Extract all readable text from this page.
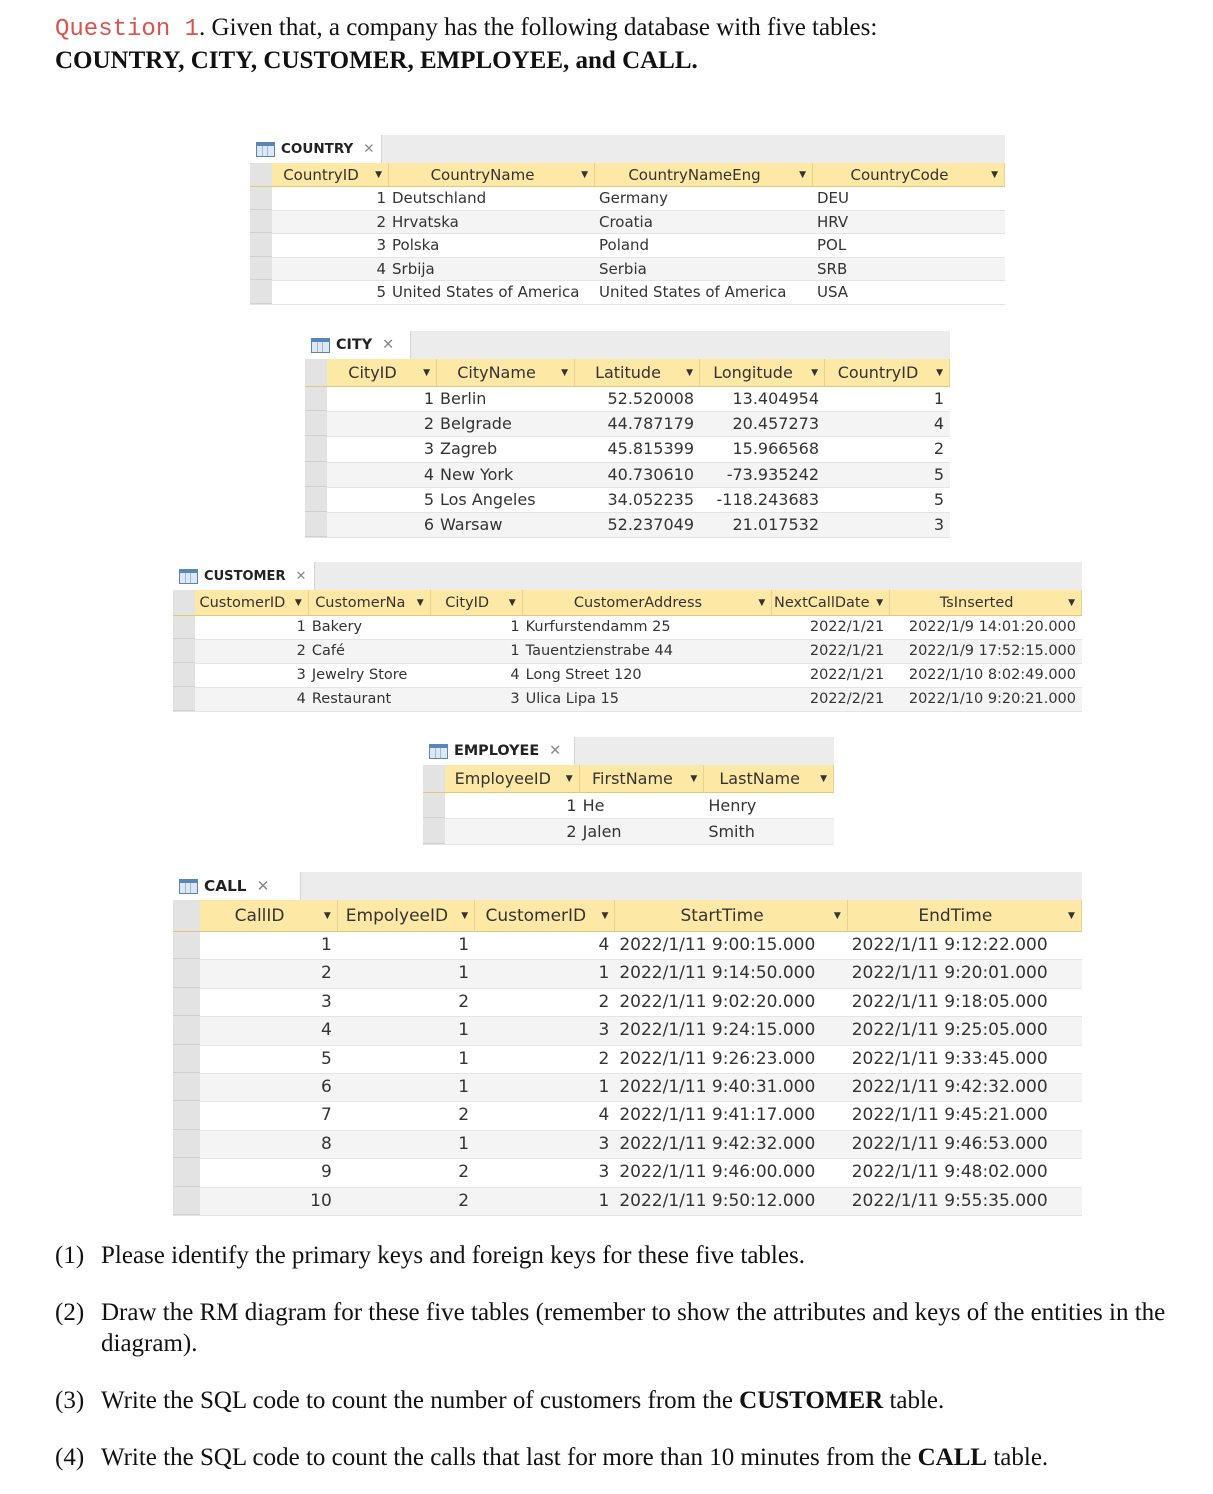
Question 1. Given that, a company has the following database with five tables:
COUNTRY, CITY, CUSTOMER, EMPLOYEE, and CALL.
COUNTRY ✕
CountryID ▼	CountryName	▼	CountryNameEng	▼	CountryCode	▼
1 Deutschland	Germany	DEU
2 Hrvatska	Croatia	HRV
3 Polska	Poland	POL
4 Srbija	Serbia	SRB
5 United States of America	United States of America	USA
CITY ✕
CityID	▼	CityName	▼	Latitude	▼	Longitude ▼	CountryID ▼
1 Berlin	52.520008	13.404954	1
2 Belgrade	44.787179	20.457273	4
3 Zagreb	45.815399	15.966568	2
4 New York	40.730610	-73.935242	5
5 Los Angeles	34.052235	-118.243683	5
6 Warsaw	52.237049	21.017532	3
CUSTOMER ✕
CustomerID ▼ CustomerNa ▼	CityID ▼	CustomerAddress	▼ NextCallDate ▼	TsInserted	▼
1 Bakery	1 Kurfurstendamm 25	2022/1/21	2022/1/9 14:01:20.000
2 Café	1 Tauentzienstrabe 44	2022/1/21	2022/1/9 17:52:15.000
3 Jewelry Store	4 Long Street 120	2022/1/21	2022/1/10 8:02:49.000
4 Restaurant	3 Ulica Lipa 15	2022/2/21	2022/1/10 9:20:21.000
EMPLOYEE ✕
EmployeeID ▼	FirstName ▼	LastName ▼
1 He	Henry
2 Jalen	Smith
CALL ✕
CallID	▼ EmpolyeeID ▼	CustomerID ▼	StartTime	▼	EndTime	▼
1	1	4 2022/1/11 9:00:15.000	2022/1/11 9:12:22.000
2	1	1 2022/1/11 9:14:50.000	2022/1/11 9:20:01.000
3	2	2 2022/1/11 9:02:20.000	2022/1/11 9:18:05.000
4	1	3 2022/1/11 9:24:15.000	2022/1/11 9:25:05.000
5	1	2 2022/1/11 9:26:23.000	2022/1/11 9:33:45.000
6	1	1 2022/1/11 9:40:31.000	2022/1/11 9:42:32.000
7	2	4 2022/1/11 9:41:17.000	2022/1/11 9:45:21.000
8	1	3 2022/1/11 9:42:32.000	2022/1/11 9:46:53.000
9	2	3 2022/1/11 9:46:00.000	2022/1/11 9:48:02.000
10	2	1 2022/1/11 9:50:12.000	2022/1/11 9:55:35.000
(1) Please identify the primary keys and foreign keys for these five tables.
(2) Draw the RM diagram for these five tables (remember to show the attributes and keys of the entities in the diagram).
(3) Write the SQL code to count the number of customers from the CUSTOMER table.
(4) Write the SQL code to count the calls that last for more than 10 minutes from the CALL table.
